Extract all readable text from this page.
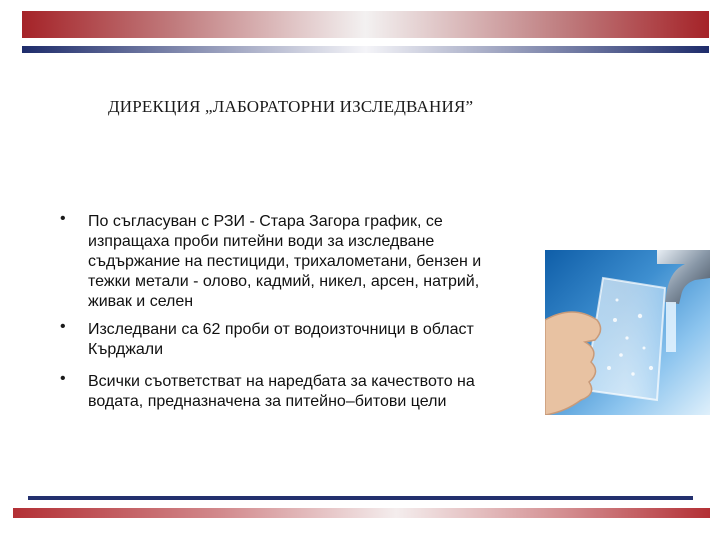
ДИРЕКЦИЯ „ЛАБОРАТОРНИ ИЗСЛЕДВАНИЯ”
• По съгласуван с РЗИ - Стара Загора график, се изпращаха проби питейни води за изследване съдържание на пестициди, трихалометани, бензен и тежки метали - олово, кадмий, никел, арсен, натрий, живак и селен
• Изследвани са 62 проби от водоизточници в област Кърджали
• Всички съответстват на наредбата за качеството на водата, предназначена за питейно–битови цели
